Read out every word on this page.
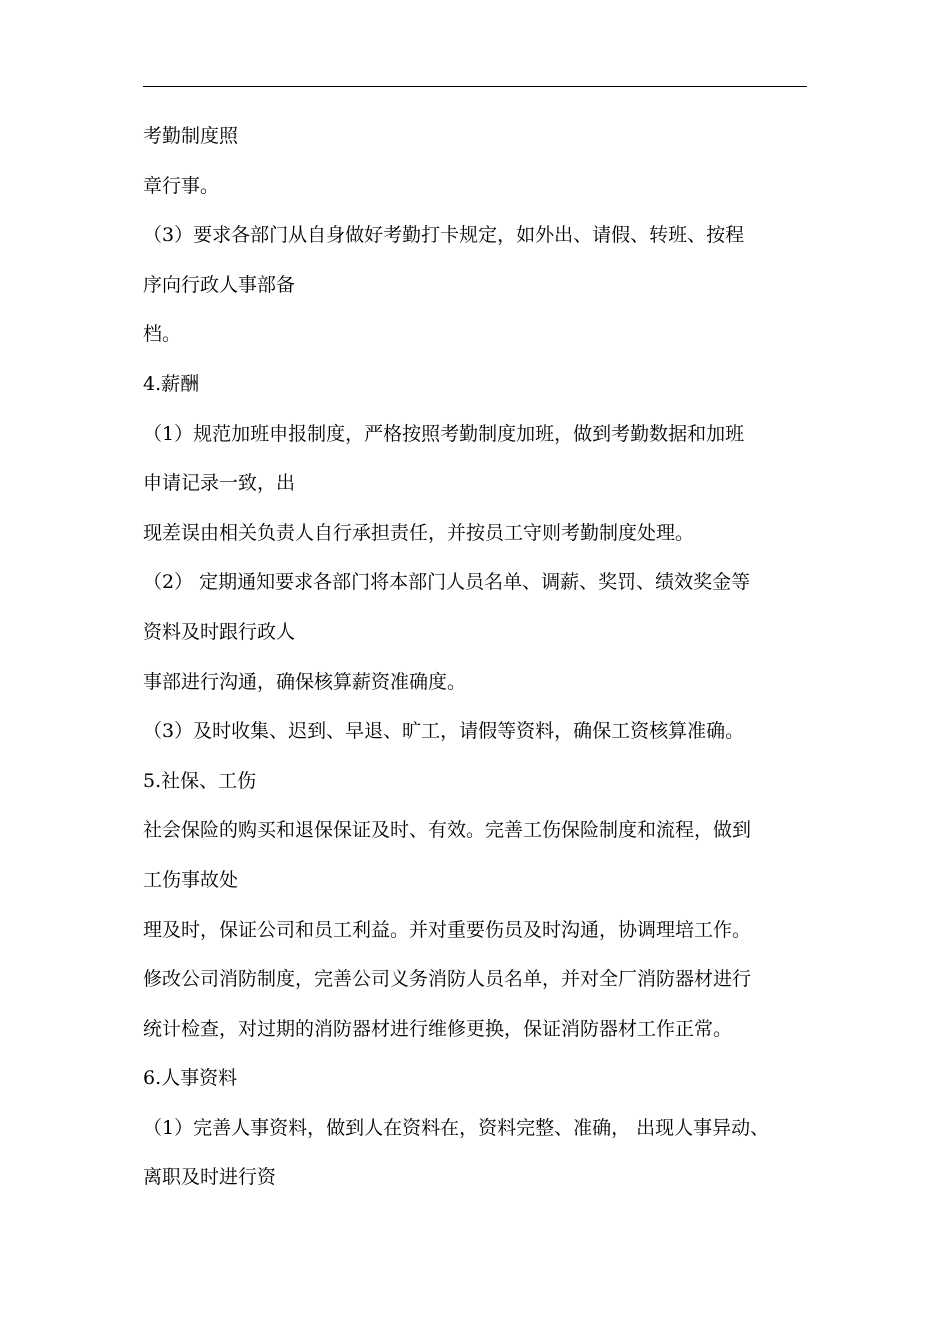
考勤制度照
章行事。
（3）要求各部门从自身做好考勤打卡规定，如外出、请假、转班、按程
序向行政人事部备
档。
4.薪酬
（1）规范加班申报制度，严格按照考勤制度加班，做到考勤数据和加班
申请记录一致，出
现差误由相关负责人自行承担责任，并按员工守则考勤制度处理。
（2） 定期通知要求各部门将本部门人员名单、调薪、奖罚、绩效奖金等
资料及时跟行政人
事部进行沟通，确保核算薪资准确度。
（3）及时收集、迟到、早退、旷工，请假等资料，确保工资核算准确。
5.社保、工伤
社会保险的购买和退保保证及时、有效。完善工伤保险制度和流程，做到
工伤事故处
理及时，保证公司和员工利益。并对重要伤员及时沟通，协调理培工作。
修改公司消防制度，完善公司义务消防人员名单，并对全厂消防器材进行
统计检查，对过期的消防器材进行维修更换，保证消防器材工作正常。
6.人事资料
（1）完善人事资料，做到人在资料在，资料完整、准确， 出现人事异动、
离职及时进行资
